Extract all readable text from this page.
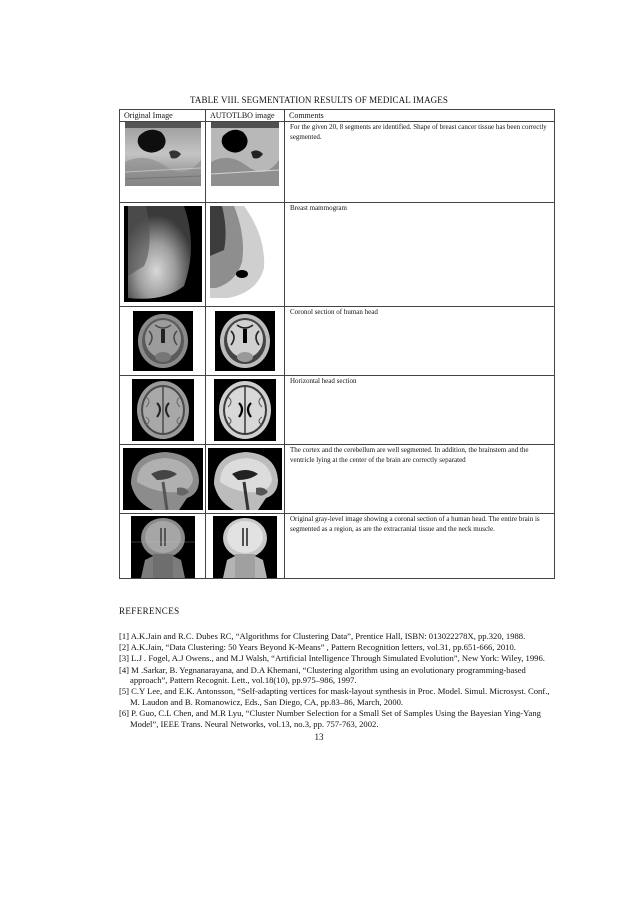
TABLE VIII. SEGMENTATION RESULTS OF MEDICAL IMAGES
Original Image	AUTOTLBO image	Comments

	For the given 20, 8 segments are identified. Shape of breast cancer tissue has been correctly segmented.

	Breast mammogram

	Coronol section of human head

	Horizontal head section

	The cortex and the cerebellum are well segmented. In addition, the brainstem and the ventricle lying at the center of the brain are correctly separated

	Original gray-level image showing a coronal section of a human head. The entire brain is segmented as a region, as are the extracranial tissue and the neck muscle.
REFERENCES
[1] A.K.Jain and R.C. Dubes RC, “Algorithms for Clustering Data”, Prentice Hall, ISBN: 013022278X, pp.320, 1988.
[2] A.K.Jain, “Data Clustering: 50 Years Beyond K-Means” , Pattern Recognition letters, vol.31, pp.651-666, 2010.
[3] L.J . Fogel, A.J Owens., and M.J Walsh, “Artificial Intelligence Through Simulated Evolution”, New York: Wiley, 1996.
[4] M .Sarkar, B. Yegnanarayana, and D.A Khemani, “Clustering algorithm using an evolutionary programming-based approach”, Pattern Recognit. Lett., vol.18(10), pp.975–986, 1997.
[5] C.Y Lee, and E.K. Antonsson, “Self-adapting vertices for mask-layout synthesis in Proc. Model. Simul. Microsyst. Conf., M. Laudon and B. Romanowicz, Eds., San Diego, CA, pp.83–86, March, 2000.
[6] P. Guo, C.L Chen, and M.R Lyu, “Cluster Number Selection for a Small Set of Samples Using the Bayesian Ying-Yang Model”, IEEE Trans. Neural Networks, vol.13, no.3, pp. 757-763, 2002.
13
